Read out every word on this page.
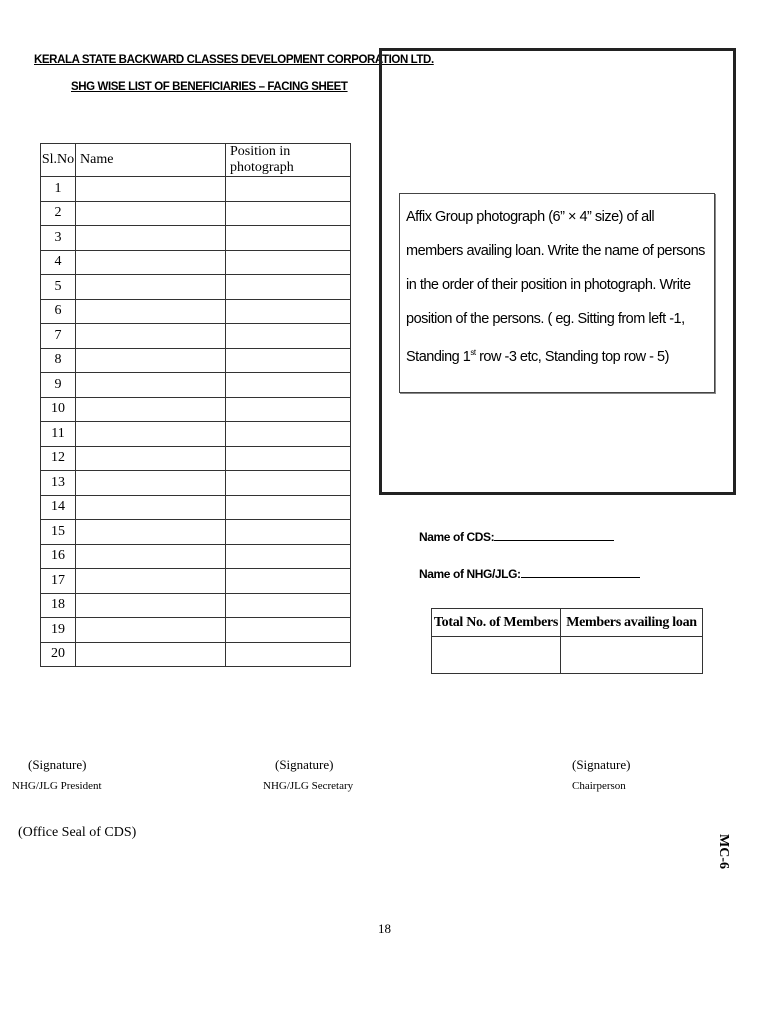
KERALA STATE BACKWARD CLASSES DEVELOPMENT CORPORATION LTD.
SHG WISE LIST OF BENEFICIARIES – FACING SHEET
Sl.No	Name	Position in photograph
1		
2		
3		
4		
5		
6		
7		
8		
9		
10		
11		
12		
13		
14		
15		
16		
17		
18		
19		
20		
Affix Group photograph (6” × 4” size) of all members availing loan. Write the name of persons in the order of their position in photograph. Write position of the persons. ( eg. Sitting from left -1, Standing 1st row -3 etc, Standing top row - 5)
Name of CDS:
Name of NHG/JLG:
Total No. of Members	Members availing loan

(Signature)
NHG/JLG President
(Signature)
NHG/JLG Secretary
(Signature)
Chairperson
(Office Seal of CDS)
MC-6
18
